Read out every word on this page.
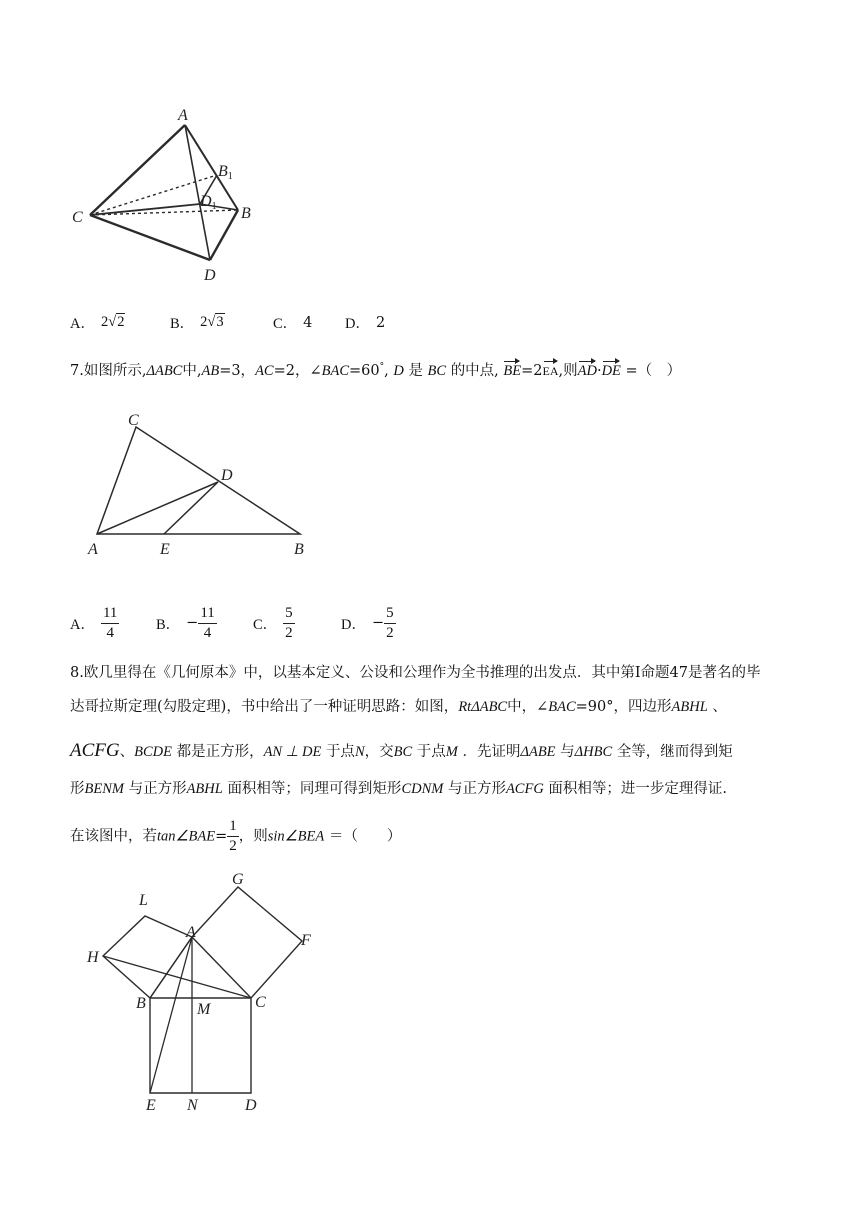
A
B1
C
D1 B
D
A． 2√2	B． 2√3	C． 4 D． 2
7.如图所示,ΔABC中,AB=3，AC=2，∠BAC=60°, D 是 BC 的中点, BE=2EA,则AD·DE =（　）
C
D
A	E	B
A． $\frac{11}{4}$	B． − $\frac{11}{4}$ C． $\frac{5}{2}$	D． − $\frac{5}{2}$
8.欧几里得在《几何原本》中，以基本定义、公设和公理作为全书推理的出发点．其中第Ⅰ命题47是著名的毕
达哥拉斯定理(勾股定理)，书中给出了一种证明思路：如图，RtΔABC中，∠BAC=90°，四边形ABHL 、
ACFG、BCDE 都是正方形，AN ⊥ DE 于点N，交BC 于点M ．先证明ΔABE 与ΔHBC 全等，继而得到矩
形BENM 与正方形ABHL 面积相等；同理可得到矩形CDNM 与正方形ACFG 面积相等；进一步定理得证.
在该图中，若tan∠BAE= $\frac{1}{2}$ ，则sin∠BEA ＝（　　）
G
L
F
A
H
B	M	C
E N	D
